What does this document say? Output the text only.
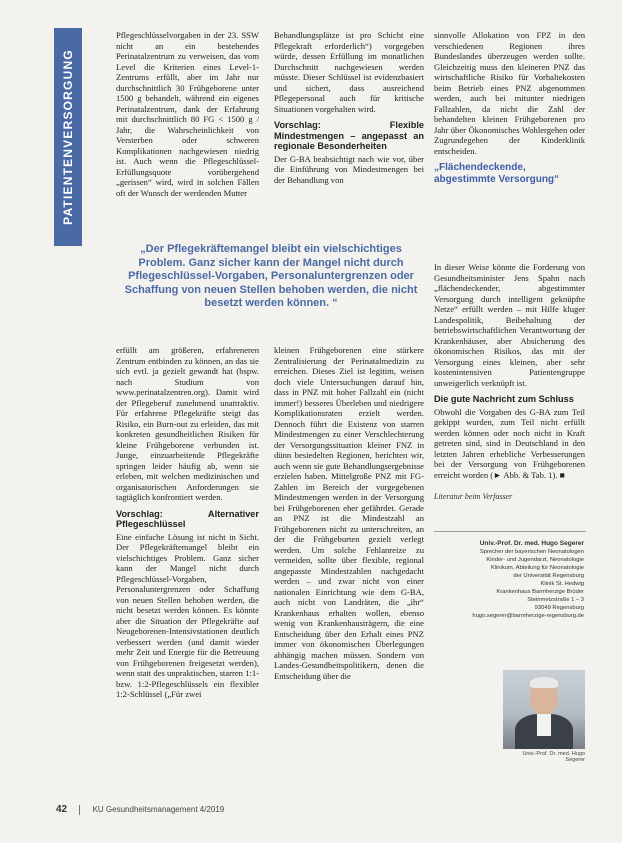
PATIENTENVERSORGUNG

Pflegeschlüsselvorgaben in der 23. SSW nicht an ein bestehendes Perinatalzentrum zu verweisen, das vom Level die Kriterien eines Level-1-Zentrums erfüllt, aber im Jahr nur durchschnittlich 30 Frühgeborene unter 1500 g behandelt, während ein eigenes Perinatalzentrum, dank der Erfahrung mit durchschnittlich 80 FG < 1500 g / Jahr, die Wahrscheinlichkeit von Versterben oder schweren Komplikationen nachgewiesen niedrig ist. Auch wenn die Pflegeschlüssel-Erfüllungsquote vorübergehend „gerissen“ wird, wird in solchen Fällen oft der Wunsch der werdenden Mutter

Behandlungsplätze ist pro Schicht eine Pflegekraft erforderlich“) vorgegeben würde, dessen Erfüllung im monatlichen Durchschnitt nachgewiesen werden müsste. Dieser Schlüssel ist evidenzbasiert und sichert, dass ausreichend Pflegepersonal auch für kritische Situationen vorgehalten wird.

Vorschlag: Flexible Mindestmengen – angepasst an regionale Besonderheiten

Der G-BA beabsichtigt nach wie vor, über die Einführung von Mindestmengen bei der Behandlung von

sinnvolle Allokation von FPZ in den verschiedenen Regionen ihres Bundeslandes überzeugen werden sollte. Gleichzeitig muss den kleineren PNZ das wirtschaftliche Risiko für Vorhaltekosten beim Betrieb eines PNZ abgenommen werden, auch bei mitunter niedrigen Fallzahlen, da nicht die Zahl der behandelten kleinen Frühgeborenen pro Jahr über Ökonomisches Wohlergehen oder Zugrundegehen der Kinderklinik entscheiden.

„Flächendeckende, abgestimmte Versorgung“
„Der Pflegekräftemangel bleibt ein vielschichtiges Problem. Ganz sicher kann der Mangel nicht durch Pflegeschlüssel-Vorgaben, Personaluntergrenzen oder Schaffung von neuen Stellen behoben werden, die nicht besetzt werden können. “

erfüllt am größeren, erfahreneren Zentrum entbinden zu können, an das sie sich evtl. ja gezielt gewandt hat (bspw. nach Studium von www.perinatalzentren.org). Damit wird der Pflegeberuf zunehmend unattraktiv. Für erfahrene Pflegekräfte steigt das Risiko, ein Burn-out zu erleiden, das mit konkreten gesundheitlichen Risiken für kleine Frühgeborene verbunden ist. Junge, einzuarbeitende Pflegekräfte springen leider häufig ab, wenn sie erleben, mit welchen medizinischen und organisatorischen Anforderungen sie tagtäglich konfrontiert werden.

Vorschlag: Alternativer Pflegeschlüssel

Eine einfache Lösung ist nicht in Sicht. Der Pflegekräftemangel bleibt ein vielschichtiges Problem. Ganz sicher kann der Mangel nicht durch Pflegeschlüssel-Vorgaben, Personaluntergrenzen oder Schaffung von neuen Stellen behoben werden, die nicht besetzt werden können. Es könnte aber die Situation der Pflegekräfte auf Neugeborenen-Intensivstationen deutlich verbessert werden (und damit wieder mehr Zeit und Energie für die Betreuung von Frühgeborenen freigesetzt werden), wenn statt des unpraktischen, starren 1:1- bzw. 1:2-Pflegeschlüssels ein flexibler 1:2-Schlüssel („Für zwei

kleinen Frühgeborenen eine stärkere Zentralisierung der Perinatalmedizin zu erreichen. Dieses Ziel ist legitim, weisen doch viele Untersuchungen darauf hin, dass in PNZ mit hoher Fallzahl ein (nicht immer!) besseres Überleben und niedrigere Komplikationsraten erzielt werden. Dennoch führt die Existenz von starren Mindestmengen zu einer Verschlechterung der Versorgungssituation kleiner FNZ in dünn besiedelten Regionen, berichten wir, auch wenn sie gute Behandlungsergebnisse erzielen haben. Mittelgroße PNZ mit FG-Zahlen im Bereich der vorgegebenen Mindestmengen werden in der Versorgung bei Frühgeborenen eher gefährdet. Gerade an PNZ ist die Mindestzahl an Frühgeborenen nicht zu unterschreiten, an der die Frühgeburten gezielt verlegt werden. Um solche Fehlanreize zu vermeiden, sollte über flexible, regional angepasste Mindestzahlen nachgedacht werden – und zwar nicht von einer nationalen Einrichtung wie dem G-BA, auch nicht von Landräten, die „ihr“ Krankenhaus erhalten wollen, ebenso wenig von Krankenhausträgern, die eine Entscheidung über den Erhalt eines PNZ immer von ökonomischen Überlegungen abhängig machen müssen. Sondern von Landes-Gesundheitspolitikern, denen die Entscheidung über die

In dieser Weise könnte die Forderung von Gesundheitsminister Jens Spahn nach „flächendeckender, abgestimmter Versorgung durch intelligent geknüpfte Netze“ erfüllt werden – mit Hilfe kluger Landespolitik, Beibehaltung der betriebswirtschaftlichen Verantwortung der Krankenhäuser, aber Absicherung des ökonomischen Risikos, das mit der Versorgung eines kleinen, aber sehr kostenintensiven Patientengruppe unweigerlich verknüpft ist.

Die gute Nachricht zum Schluss

Obwohl die Vorgaben des G-BA zum Teil gekippt wurden, zum Teil nicht erfüllt werden können oder noch nicht in Kraft getreten sind, sind in Deutschland in den letzten Jahren erhebliche Verbesserungen bei der Versorgung von Frühgeborenen erreicht worden (► Abb. & Tab. 1). ■

Literatur beim Verfasser
Univ.-Prof. Dr. med. Hugo Segerer
Sprecher der bayerischen Neonatologen
Kinder- und Jugendarzt, Neonatologie
Klinikum, Abteilung für Neonatologie
der Universität Regensburg
Klinik St. Hedwig
Krankenhaus Barmherzige Brüder
Steinmetzstraße 1 – 3
93049 Regensburg
hugo.segerer@barmherzige-regensburg.de
Univ.-Prof. Dr. med. Hugo Segerer
42	KU Gesundheitsmanagement 4/2019
